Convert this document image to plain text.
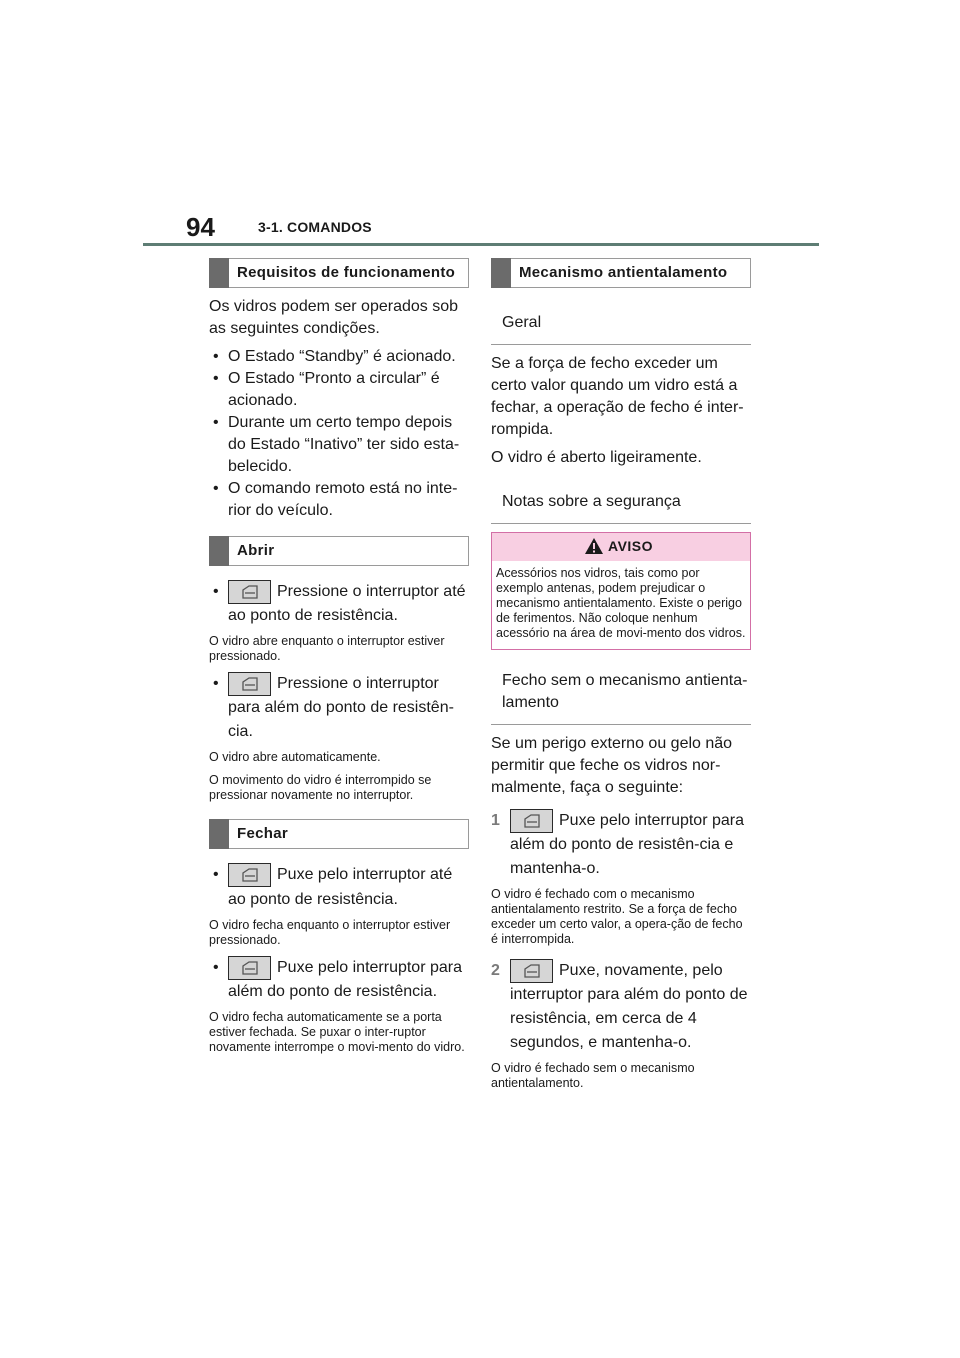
94	3-1. COMANDOS
Requisitos de funcionamento

Os vidros podem ser operados sob as seguintes condições.

• O Estado “Standby” é acionado.
• O Estado “Pronto a circular” é acionado.
• Durante um certo tempo depois do Estado “Inativo” ter sido esta-belecido.
• O comando remoto está no inte-rior do veículo.
Abrir
•	Pressione o interruptor até ao ponto de resistência.

O vidro abre enquanto o interruptor estiver pressionado.

•	Pressione o interruptor para além do ponto de resistên-cia.

O vidro abre automaticamente.

O movimento do vidro é interrompido se pressionar novamente no interruptor.

Fechar
•	Puxe pelo interruptor até ao ponto de resistência.

O vidro fecha enquanto o interruptor estiver pressionado.

•	Puxe pelo interruptor para além do ponto de resistência.

O vidro fecha automaticamente se a porta estiver fechada. Se puxar o inter-ruptor novamente interrompe o movi-mento do vidro.

Mecanismo antientalamento
Geral

Se a força de fecho exceder um certo valor quando um vidro está a fechar, a operação de fecho é inter-rompida.

O vidro é aberto ligeiramente.

Notas sobre a segurança
AVISO
Acessórios nos vidros, tais como por exemplo antenas, podem prejudicar o mecanismo antientalamento. Existe o perigo de ferimentos. Não coloque nenhum acessório na área de movi-mento dos vidros.
Fecho sem o mecanismo antienta-lamento

Se um perigo externo ou gelo não permitir que feche os vidros nor-malmente, faça o seguinte:

1	Puxe pelo interruptor para além do ponto de resistên-cia e mantenha-o.

O vidro é fechado com o mecanismo antientalamento restrito. Se a força de fecho exceder um certo valor, a opera-ção de fecho é interrompida.

2	Puxe, novamente, pelo interruptor para além do ponto de resistência, em cerca de 4 segundos, e mantenha-o.

O vidro é fechado sem o mecanismo antientalamento.
